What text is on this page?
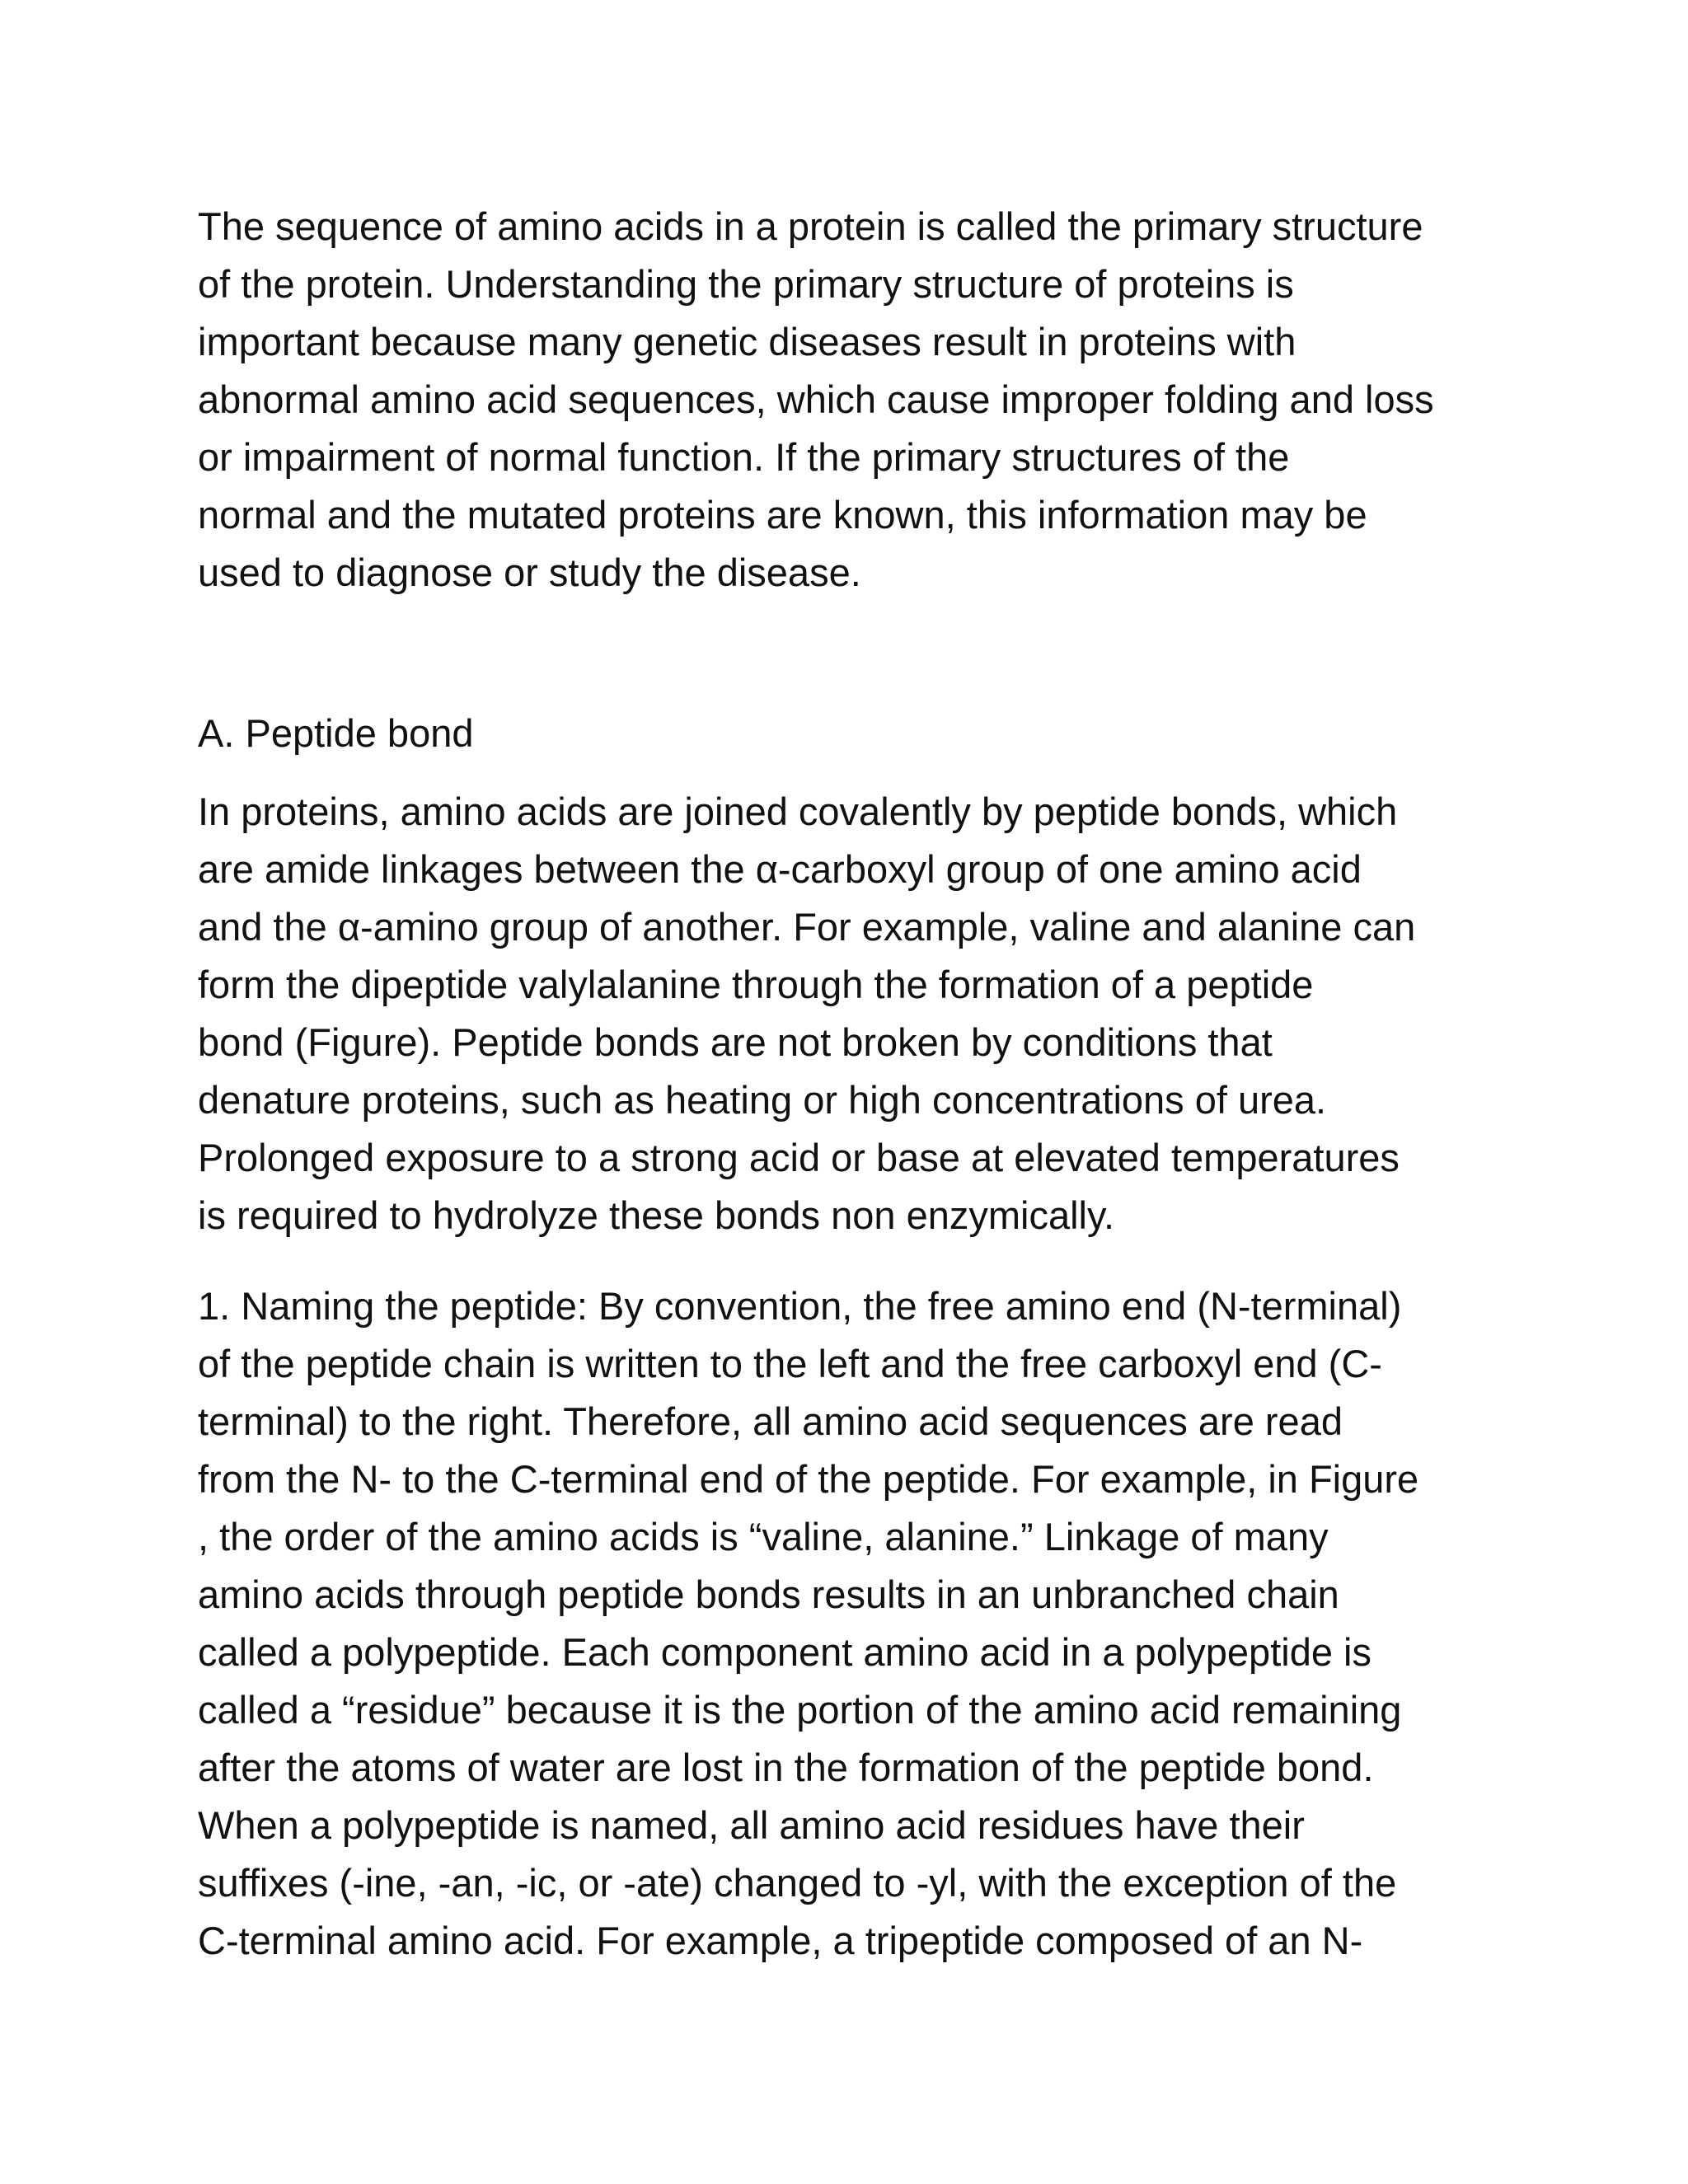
The sequence of amino acids in a protein is called the primary structure
of the protein. Understanding the primary structure of proteins is
important because many genetic diseases result in proteins with
abnormal amino acid sequences, which cause improper folding and loss
or impairment of normal function. If the primary structures of the
normal and the mutated proteins are known, this information may be
used to diagnose or study the disease.
A. Peptide bond
In proteins, amino acids are joined covalently by peptide bonds, which
are amide linkages between the α-carboxyl group of one amino acid
and the α-amino group of another. For example, valine and alanine can
form the dipeptide valylalanine through the formation of a peptide
bond (Figure). Peptide bonds are not broken by conditions that
denature proteins, such as heating or high concentrations of urea.
Prolonged exposure to a strong acid or base at elevated temperatures
is required to hydrolyze these bonds non enzymically.
1. Naming the peptide: By convention, the free amino end (N-terminal)
of the peptide chain is written to the left and the free carboxyl end (C-
terminal) to the right. Therefore, all amino acid sequences are read
from the N- to the C-terminal end of the peptide. For example, in Figure
, the order of the amino acids is “valine, alanine.” Linkage of many
amino acids through peptide bonds results in an unbranched chain
called a polypeptide. Each component amino acid in a polypeptide is
called a “residue” because it is the portion of the amino acid remaining
after the atoms of water are lost in the formation of the peptide bond.
When a polypeptide is named, all amino acid residues have their
suffixes (-ine, -an, -ic, or -ate) changed to -yl, with the exception of the
C-terminal amino acid. For example, a tripeptide composed of an N-
